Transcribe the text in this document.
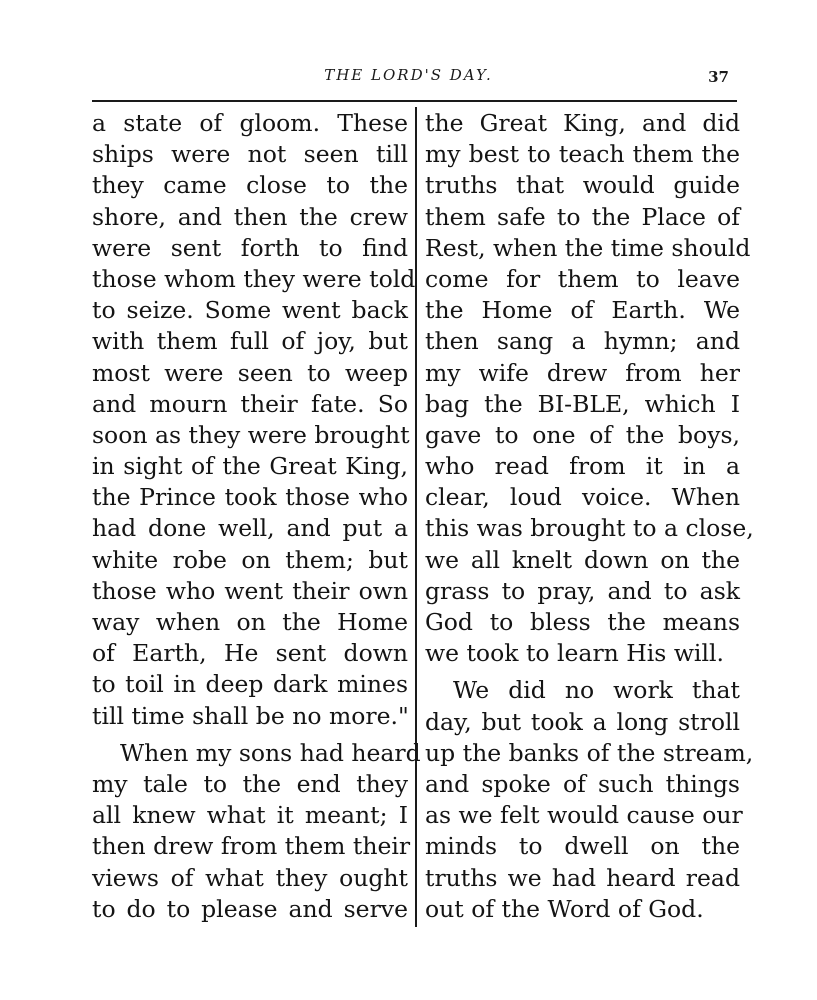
THE LORD'S DAY.	37
a state of gloom. These
ships were not seen till
they came close to the
shore, and then the crew
were sent forth to find
those whom they were told
to seize. Some went back
with them full of joy, but
most were seen to weep
and mourn their fate. So
soon as they were brought
in sight of the Great King,
the Prince took those who
had done well, and put a
white robe on them; but
those who went their own
way when on the Home
of Earth, He sent down
to toil in deep dark mines
till time shall be no more."
When my sons had heard
my tale to the end they
all knew what it meant; I
then drew from them their
views of what they ought
to do to please and serve
the Great King, and did
my best to teach them the
truths that would guide
them safe to the Place of
Rest, when the time should
come for them to leave
the Home of Earth. We
then sang a hymn; and
my wife drew from her
bag the BI-BLE, which I
gave to one of the boys,
who read from it in a
clear, loud voice. When
this was brought to a close,
we all knelt down on the
grass to pray, and to ask
God to bless the means
we took to learn His will.
We did no work that
day, but took a long stroll
up the banks of the stream,
and spoke of such things
as we felt would cause our
minds to dwell on the
truths we had heard read
out of the Word of God.
